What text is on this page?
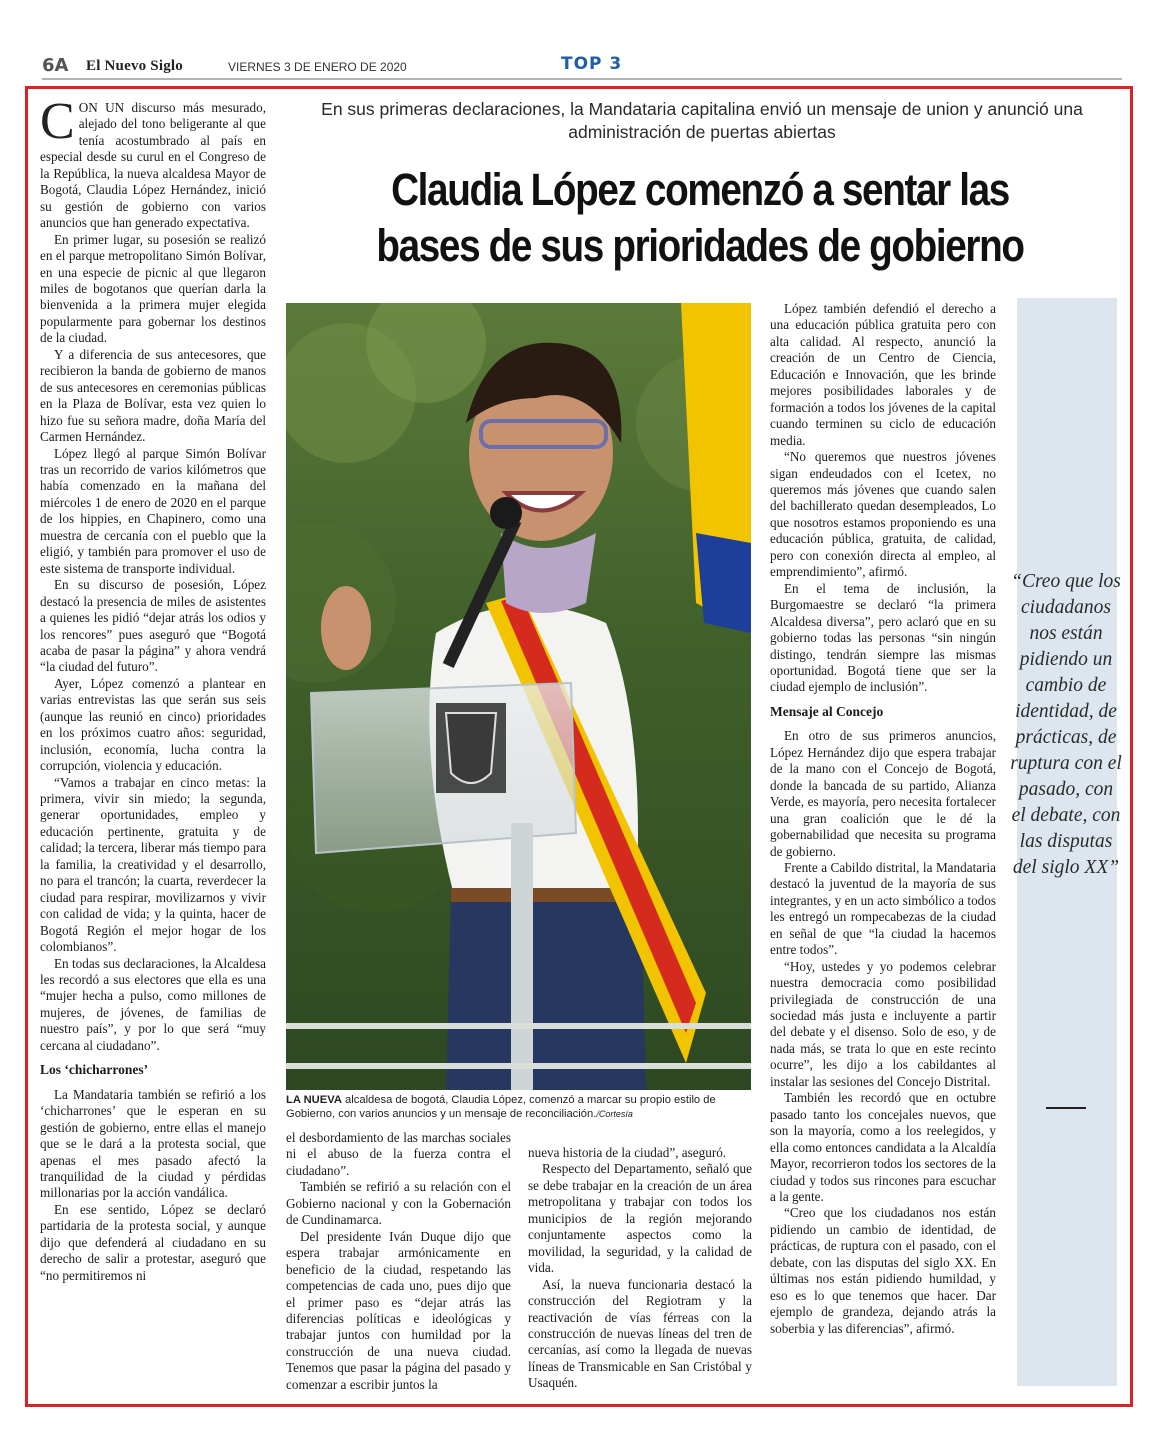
6A El Nuevo Siglo	VIERNES 3 DE ENERO DE 2020	TOP 3

CON UN discurso más mesurado, alejado del tono beligerante al que tenía acostumbrado al país en especial desde su curul en el Congreso de la República, la nueva alcaldesa Mayor de Bogotá, Claudia López Hernández, inició su gestión de gobierno con varios anuncios que han generado expectativa.

En primer lugar, su posesión se realizó en el parque metropolitano Simón Bolívar, en una especie de picnic al que llegaron miles de bogotanos que querían darla la bienvenida a la primera mujer elegida popularmente para gobernar los destinos de la ciudad.

Y a diferencia de sus antecesores, que recibieron la banda de gobierno de manos de sus antecesores en ceremonias públicas en la Plaza de Bolívar, esta vez quien lo hizo fue su señora madre, doña María del Carmen Hernández.

López llegó al parque Simón Bolívar tras un recorrido de varios kilómetros que había comenzado en la mañana del miércoles 1 de enero de 2020 en el parque de los hippies, en Chapinero, como una muestra de cercanía con el pueblo que la eligió, y también para promover el uso de este sistema de transporte individual.

En su discurso de posesión, López destacó la presencia de miles de asistentes a quienes les pidió “dejar atrás los odios y los rencores” pues aseguró que “Bogotá acaba de pasar la página” y ahora vendrá “la ciudad del futuro”.

Ayer, López comenzó a plantear en varias entrevistas las que serán sus seis (aunque las reunió en cinco) prioridades en los próximos cuatro años: seguridad, inclusión, economía, lucha contra la corrupción, violencia y educación.

“Vamos a trabajar en cinco metas: la primera, vivir sin miedo; la segunda, generar oportunidades, empleo y educación pertinente, gratuita y de calidad; la tercera, liberar más tiempo para la familia, la creatividad y el desarrollo, no para el trancón; la cuarta, reverdecer la ciudad para respirar, movilizarnos y vivir con calidad de vida; y la quinta, hacer de Bogotá Región el mejor hogar de los colombianos”.

En todas sus declaraciones, la Alcaldesa les recordó a sus electores que ella es una “mujer hecha a pulso, como millones de mujeres, de jóvenes, de familias de nuestro país”, y por lo que será “muy cercana al ciudadano”.

Los ‘chicharrones’

La Mandataria también se refirió a los ‘chicharrones’ que le esperan en su gestión de gobierno, entre ellas el manejo que se le dará a la protesta social, que apenas el mes pasado afectó la tranquilidad de la ciudad y pérdidas millonarias por la acción vandálica.

En ese sentido, López se declaró partidaria de la protesta social, y aunque dijo que defenderá al ciudadano en su derecho de salir a protestar, aseguró que “no permitiremos ni

En sus primeras declaraciones, la Mandataria capitalina envió un mensaje de union y anunció una administración de puertas abiertas
Claudia López comenzó a sentar las bases de sus prioridades de gobierno
LA NUEVA alcaldesa de bogotá, Claudia López, comenzó a marcar su propio estilo de Gobierno, con varios anuncios y un mensaje de reconciliación./Cortesía

el desbordamiento de las marchas sociales ni el abuso de la fuerza contra el ciudadano”.

También se refirió a su relación con el Gobierno nacional y con la Gobernación de Cundinamarca.

Del presidente Iván Duque dijo que espera trabajar armónicamente en beneficio de la ciudad, respetando las competencias de cada uno, pues dijo que el primer paso es “dejar atrás las diferencias políticas e ideológicas y trabajar juntos con humildad por la construcción de una nueva ciudad. Tenemos que pasar la página del pasado y comenzar a escribir juntos la

nueva historia de la ciudad”, aseguró.

Respecto del Departamento, señaló que se debe trabajar en la creación de un área metropolitana y trabajar con todos los municipios de la región mejorando conjuntamente aspectos como la movilidad, la seguridad, y la calidad de vida.

Así, la nueva funcionaria destacó la construcción del Regiotram y la reactivación de vías férreas con la construcción de nuevas líneas del tren de cercanías, así como la llegada de nuevas líneas de Transmicable en San Cristóbal y Usaquén.

López también defendió el derecho a una educación pública gratuita pero con alta calidad. Al respecto, anunció la creación de un Centro de Ciencia, Educación e Innovación, que les brinde mejores posibilidades laborales y de formación a todos los jóvenes de la capital cuando terminen su ciclo de educación media.

“No queremos que nuestros jóvenes sigan endeudados con el Icetex, no queremos más jóvenes que cuando salen del bachillerato quedan desempleados, Lo que nosotros estamos proponiendo es una educación pública, gratuita, de calidad, pero con conexión directa al empleo, al emprendimiento”, afirmó.

En el tema de inclusión, la Burgomaestre se declaró “la primera Alcaldesa diversa”, pero aclaró que en su gobierno todas las personas “sin ningún distingo, tendrán siempre las mismas oportunidad. Bogotá tiene que ser la ciudad ejemplo de inclusión”.

Mensaje al Concejo

En otro de sus primeros anuncios, López Hernández dijo que espera trabajar de la mano con el Concejo de Bogotá, donde la bancada de su partido, Alianza Verde, es mayoría, pero necesita fortalecer una gran coalición que le dé la gobernabilidad que necesita su programa de gobierno.

Frente a Cabildo distrital, la Mandataria destacó la juventud de la mayoría de sus integrantes, y en un acto simbólico a todos les entregó un rompecabezas de la ciudad en señal de que “la ciudad la hacemos entre todos”.

“Hoy, ustedes y yo podemos celebrar nuestra democracia como posibilidad privilegiada de construcción de una sociedad más justa e incluyente a partir del debate y el disenso. Solo de eso, y de nada más, se trata lo que en este recinto ocurre”, les dijo a los cabildantes al instalar las sesiones del Concejo Distrital.

También les recordó que en octubre pasado tanto los concejales nuevos, que son la mayoría, como a los reelegidos, y ella como entonces candidata a la Alcaldía Mayor, recorrieron todos los sectores de la ciudad y todos sus rincones para escuchar a la gente.

“Creo que los ciudadanos nos están pidiendo un cambio de identidad, de prácticas, de ruptura con el pasado, con el debate, con las disputas del siglo XX. En últimas nos están pidiendo humildad, y eso es lo que tenemos que hacer. Dar ejemplo de grandeza, dejando atrás la soberbia y las diferencias”, afirmó.

“Creo que los ciudadanos nos están pidiendo un cambio de identidad, de prácticas, de ruptura con el pasado, con el debate, con las disputas del siglo XX”
